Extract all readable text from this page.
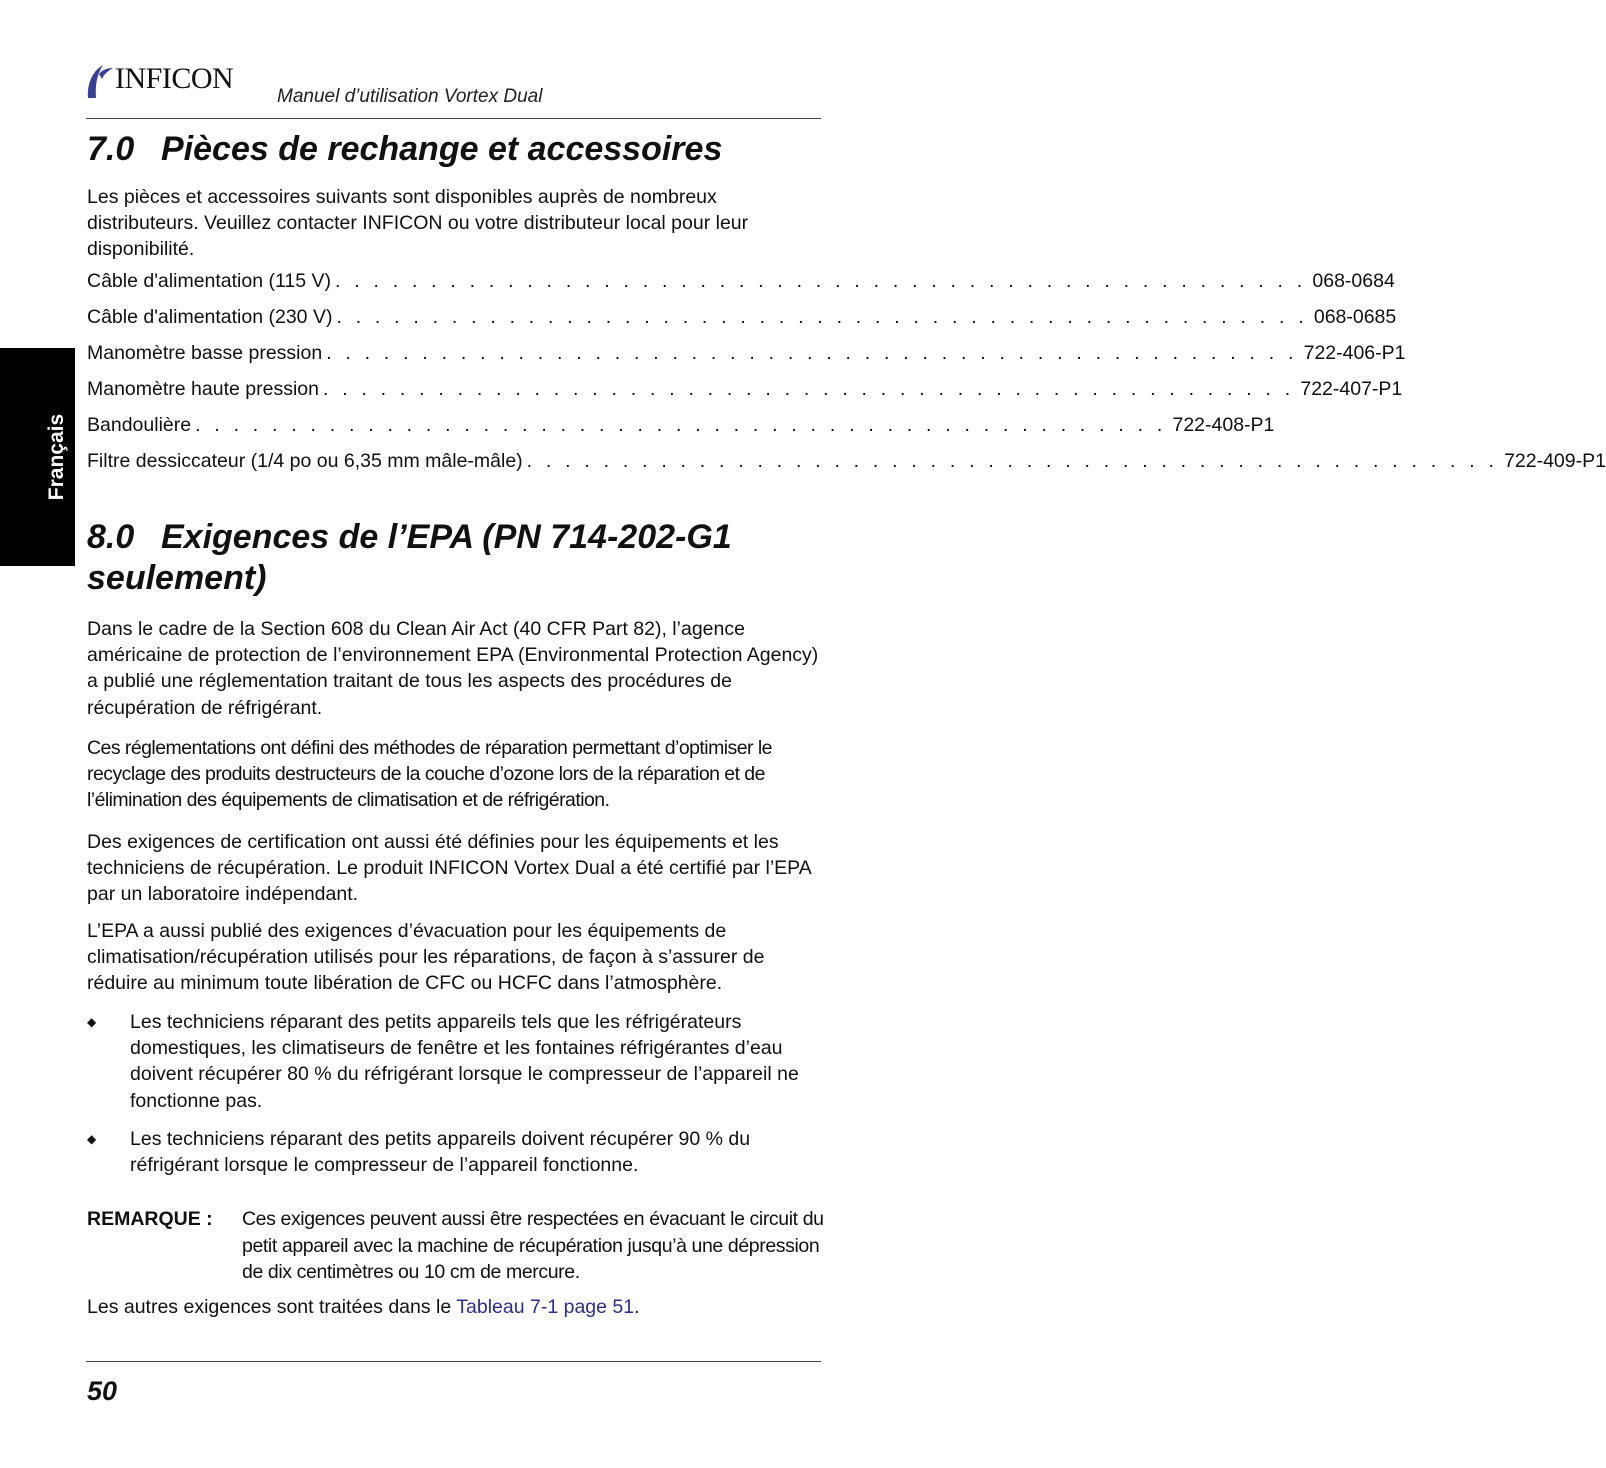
INFICON
Manuel d’utilisation Vortex Dual
Français
7.0 Pièces de rechange et accessoires

Les pièces et accessoires suivants sont disponibles auprès de nombreux distributeurs. Veuillez contacter INFICON ou votre distributeur local pour leur disponibilité.

Câble d'alimentation (115 V) . . . . . . . . . . . . . . . . . . . . . . . . . . . . . . . . . . . . . . . . . . . . . . . . . . . 068-0684
Câble d'alimentation (230 V) . . . . . . . . . . . . . . . . . . . . . . . . . . . . . . . . . . . . . . . . . . . . . . . . . . . 068-0685
Manomètre basse pression . . . . . . . . . . . . . . . . . . . . . . . . . . . . . . . . . . . . . . . . . . . . . . . . . . . 722-406-P1
Manomètre haute pression . . . . . . . . . . . . . . . . . . . . . . . . . . . . . . . . . . . . . . . . . . . . . . . . . . . 722-407-P1
Bandoulière . . . . . . . . . . . . . . . . . . . . . . . . . . . . . . . . . . . . . . . . . . . . . . . . . . . 722-408-P1
Filtre dessiccateur (1/4 po ou 6,35 mm mâle-mâle) . . . . . . . . . . . . . . . . . . . . . . . . . . . . . . . . . . . . . . . . . . . . . . . . . . . 722-409-P1
8.0 Exigences de l’EPA (PN 714-202-G1
seulement)

Dans le cadre de la Section 608 du Clean Air Act (40 CFR Part 82), l’agence américaine de protection de l’environnement EPA (Environmental Protection Agency) a publié une réglementation traitant de tous les aspects des procédures de récupération de réfrigérant.

Ces réglementations ont défini des méthodes de réparation permettant d’optimiser le recyclage des produits destructeurs de la couche d’ozone lors de la réparation et de l’élimination des équipements de climatisation et de réfrigération.

Des exigences de certification ont aussi été définies pour les équipements et les techniciens de récupération. Le produit INFICON Vortex Dual a été certifié par l’EPA par un laboratoire indépendant.

L’EPA a aussi publié des exigences d’évacuation pour les équipements de climatisation/récupération utilisés pour les réparations, de façon à s’assurer de réduire au minimum toute libération de CFC ou HCFC dans l’atmosphère.

◆ Les techniciens réparant des petits appareils tels que les réfrigérateurs domestiques, les climatiseurs de fenêtre et les fontaines réfrigérantes d’eau doivent récupérer 80 % du réfrigérant lorsque le compresseur de l’appareil ne fonctionne pas.
◆ Les techniciens réparant des petits appareils doivent récupérer 90 % du réfrigérant lorsque le compresseur de l’appareil fonctionne.
REMARQUE : Ces exigences peuvent aussi être respectées en évacuant le circuit du petit appareil avec la machine de récupération jusqu’à une dépression de dix centimètres ou 10 cm de mercure.

Les autres exigences sont traitées dans le Tableau 7-1 page 51.

50
